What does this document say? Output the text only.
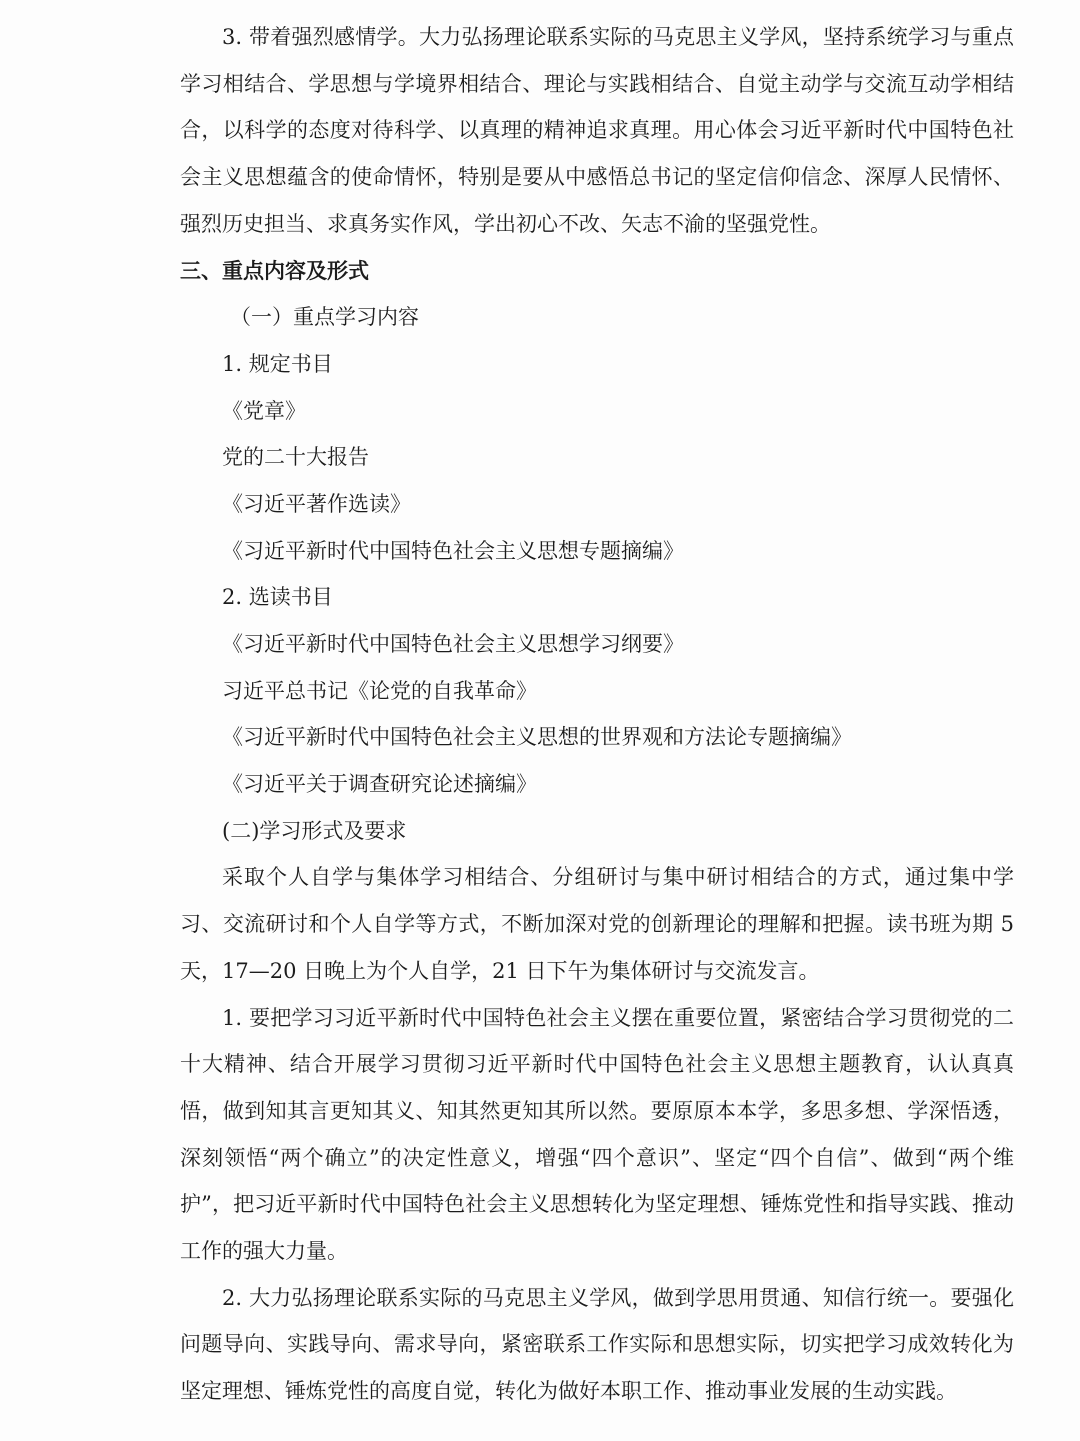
3. 带着强烈感情学。大力弘扬理论联系实际的马克思主义学风，坚持系统学习与重点学习相结合、学思想与学境界相结合、理论与实践相结合、自觉主动学与交流互动学相结合，以科学的态度对待科学、以真理的精神追求真理。用心体会习近平新时代中国特色社会主义思想蕴含的使命情怀，特别是要从中感悟总书记的坚定信仰信念、深厚人民情怀、强烈历史担当、求真务实作风，学出初心不改、矢志不渝的坚强党性。

三、重点内容及形式

（一）重点学习内容

1. 规定书目

《党章》

党的二十大报告

《习近平著作选读》

《习近平新时代中国特色社会主义思想专题摘编》

2. 选读书目

《习近平新时代中国特色社会主义思想学习纲要》

习近平总书记《论党的自我革命》

《习近平新时代中国特色社会主义思想的世界观和方法论专题摘编》

《习近平关于调查研究论述摘编》

(二)学习形式及要求

采取个人自学与集体学习相结合、分组研讨与集中研讨相结合的方式，通过集中学习、交流研讨和个人自学等方式，不断加深对党的创新理论的理解和把握。读书班为期 5 天，17—20 日晚上为个人自学，21 日下午为集体研讨与交流发言。

1. 要把学习习近平新时代中国特色社会主义摆在重要位置，紧密结合学习贯彻党的二十大精神、结合开展学习贯彻习近平新时代中国特色社会主义思想主题教育，认认真真悟，做到知其言更知其义、知其然更知其所以然。要原原本本学，多思多想、学深悟透，深刻领悟“两个确立”的决定性意义，增强“四个意识”、坚定“四个自信”、做到“两个维护”，把习近平新时代中国特色社会主义思想转化为坚定理想、锤炼党性和指导实践、推动工作的强大力量。

2. 大力弘扬理论联系实际的马克思主义学风，做到学思用贯通、知信行统一。要强化问题导向、实践导向、需求导向，紧密联系工作实际和思想实际，切实把学习成效转化为坚定理想、锤炼党性的高度自觉，转化为做好本职工作、推动事业发展的生动实践。
